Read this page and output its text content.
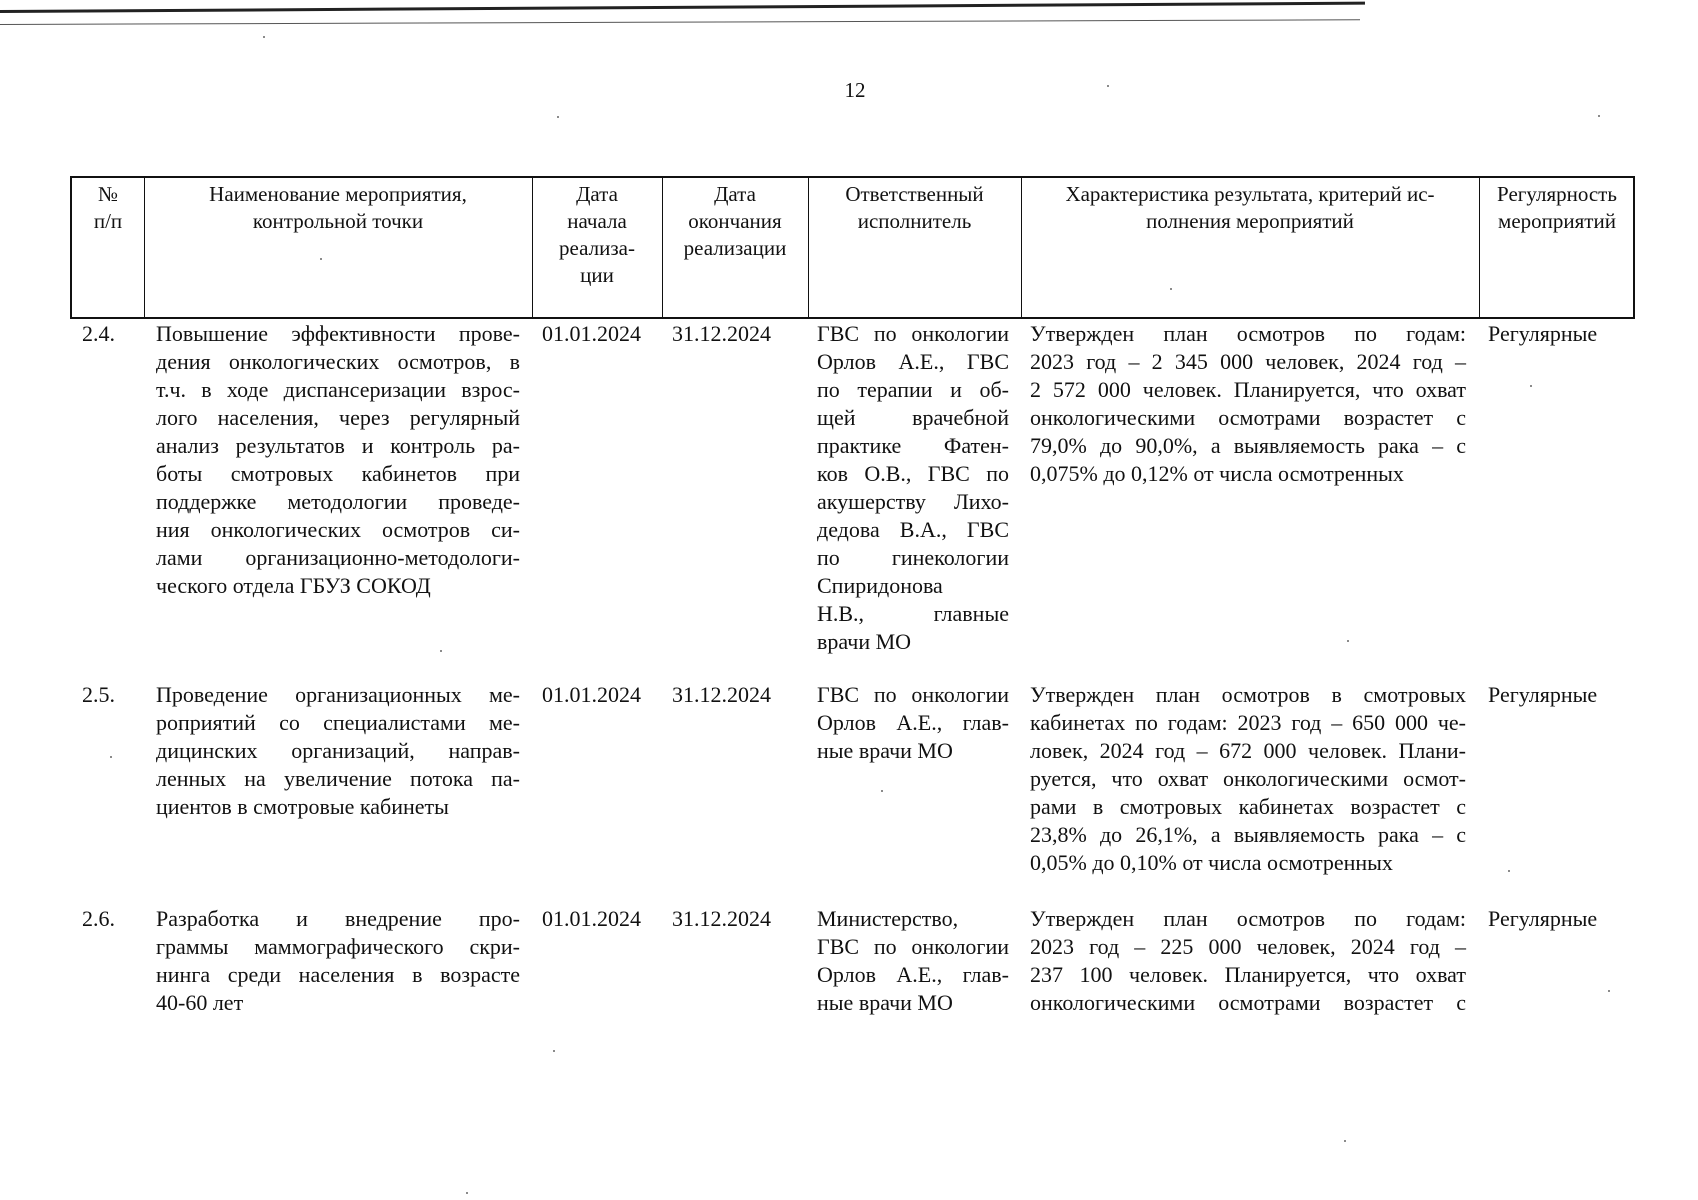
12
№
п/п
Наименование мероприятия,
контрольной точки
Дата
начала
реализа-
ции
Дата
окончания
реализации
Ответственный
исполнитель
Характеристика результата, критерий ис-
полнения мероприятий
Регулярность
мероприятий
2.4. Повышение эффективности прове-
дения онкологических осмотров, в
т.ч. в ходе диспансеризации взрос-
лого населения, через регулярный
анализ результатов и контроль ра-
боты смотровых кабинетов при
поддержке методологии проведе-
ния онкологических осмотров си-
лами организационно-методологи-
ческого отдела ГБУЗ СОКОД
01.01.2024 31.12.2024 ГВС по онкологии
Орлов А.Е., ГВС
по терапии и об-
щей врачебной
практике Фатен-
ков О.В., ГВС по
акушерству Лихо-
дедова В.А., ГВС
по гинекологии
Спиридонова
Н.В., главные
врачи МО
Утвержден план осмотров по годам:
2023 год – 2 345 000 человек, 2024 год –
2 572 000 человек. Планируется, что охват
онкологическими осмотрами возрастет с
79,0% до 90,0%, а выявляемость рака – с
0,075% до 0,12% от числа осмотренных
Регулярные
2.5. Проведение организационных ме-
роприятий со специалистами ме-
дицинских организаций, направ-
ленных на увеличение потока па-
циентов в смотровые кабинеты
01.01.2024 31.12.2024 ГВС по онкологии
Орлов А.Е., глав-
ные врачи МО
Утвержден план осмотров в смотровых
кабинетах по годам: 2023 год – 650 000 че-
ловек, 2024 год – 672 000 человек. Плани-
руется, что охват онкологическими осмот-
рами в смотровых кабинетах возрастет с
23,8% до 26,1%, а выявляемость рака – с
0,05% до 0,10% от числа осмотренных
Регулярные
2.6. Разработка и внедрение про-
граммы маммографического скри-
нинга среди населения в возрасте
40-60 лет
01.01.2024 31.12.2024 Министерство,
ГВС по онкологии
Орлов А.Е., глав-
ные врачи МО
Утвержден план осмотров по годам:
2023 год – 225 000 человек, 2024 год –
237 100 человек. Планируется, что охват
онкологическими осмотрами возрастет с
Регулярные
